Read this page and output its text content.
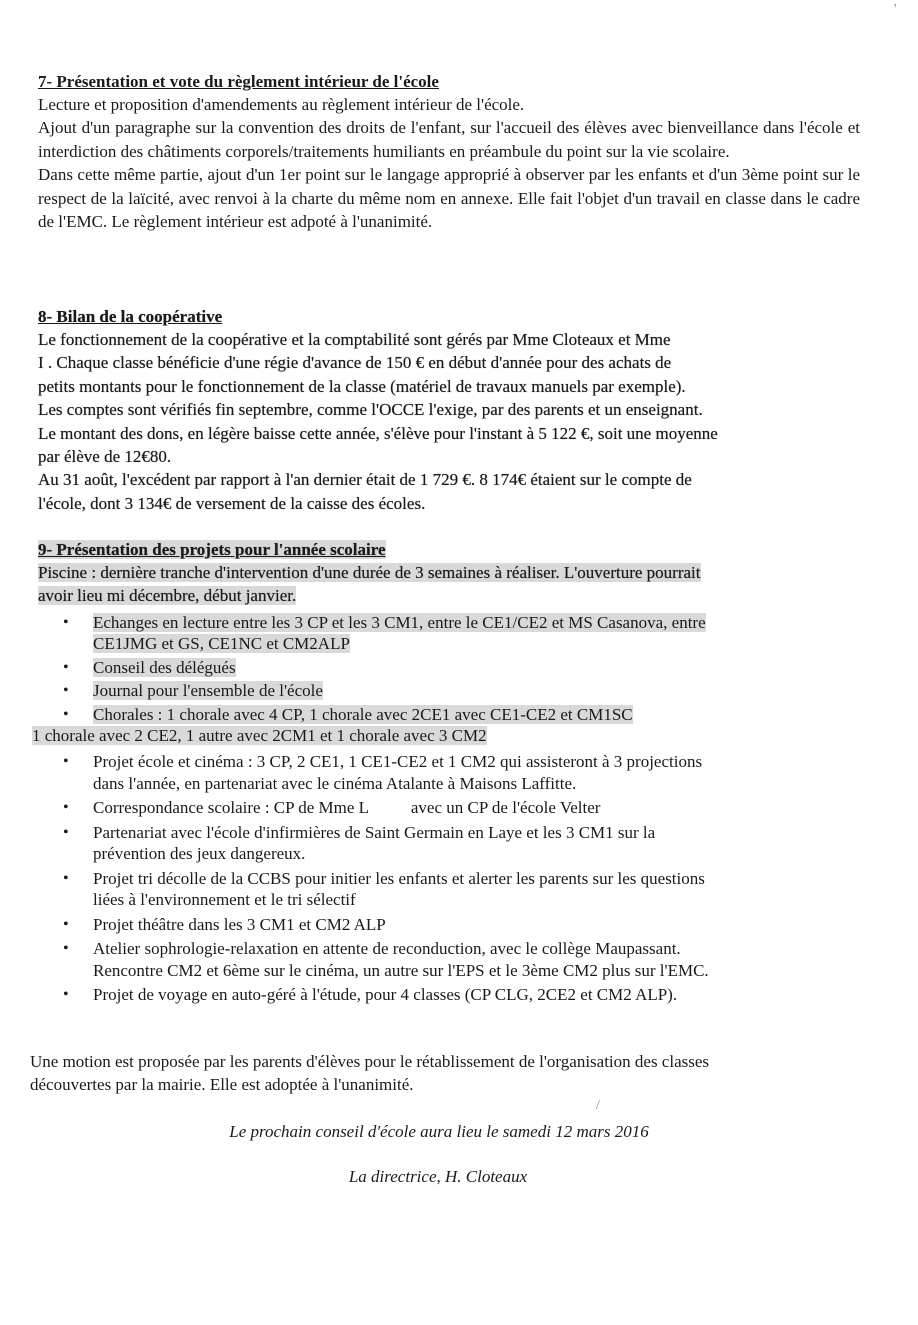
7- Présentation et vote du règlement intérieur de l'école

Lecture et proposition d'amendements au règlement intérieur de l'école.

Ajout d'un paragraphe sur la convention des droits de l'enfant, sur l'accueil des élèves avec bienveillance dans l'école et interdiction des châtiments corporels/traitements humiliants en préambule du point sur la vie scolaire.

Dans cette même partie, ajout d'un 1er point sur le langage approprié à observer par les enfants et d'un 3ème point sur le respect de la laïcité, avec renvoi à la charte du même nom en annexe. Elle fait l'objet d'un travail en classe dans le cadre de l'EMC. Le règlement intérieur est adpoté à l'unanimité.

8- Bilan de la coopérative

Le fonctionnement de la coopérative et la comptabilité sont gérés par Mme Cloteaux et Mme
I . Chaque classe bénéficie d'une régie d'avance de 150 € en début d'année pour des achats de
petits montants pour le fonctionnement de la classe (matériel de travaux manuels par exemple).
Les comptes sont vérifiés fin septembre, comme l'OCCE l'exige, par des parents et un enseignant.
Le montant des dons, en légère baisse cette année, s'élève pour l'instant à 5 122 €, soit une moyenne
par élève de 12€80.
Au 31 août, l'excédent par rapport à l'an dernier était de 1 729 €. 8 174€ étaient sur le compte de
l'école, dont 3 134€ de versement de la caisse des écoles.

9- Présentation des projets pour l'année scolaire

Piscine : dernière tranche d'intervention d'une durée de 3 semaines à réaliser. L'ouverture pourrait
avoir lieu mi décembre, début janvier.
• Echanges en lecture entre les 3 CP et les 3 CM1, entre le CE1/CE2 et MS Casanova, entre
CE1JMG et GS, CE1NC et CM2ALP
• Conseil des délégués
• Journal pour l'ensemble de l'école
• Chorales : 1 chorale avec 4 CP, 1 chorale avec 2CE1 avec CE1-CE2 et CM1SC
1 chorale avec 2 CE2, 1 autre avec 2CM1 et 1 chorale avec 3 CM2
• Projet école et cinéma : 3 CP, 2 CE1, 1 CE1-CE2 et 1 CM2 qui assisteront à 3 projections
dans l'année, en partenariat avec le cinéma Atalante à Maisons Laffitte.
• Correspondance scolaire : CP de Mme L          avec un CP de l'école Velter
• Partenariat avec l'école d'infirmières de Saint Germain en Laye et les 3 CM1 sur la
prévention des jeux dangereux.
• Projet tri décolle de la CCBS pour initier les enfants et alerter les parents sur les questions
liées à l'environnement et le tri sélectif
• Projet théâtre dans les 3 CM1 et CM2 ALP
• Atelier sophrologie-relaxation en attente de reconduction, avec le collège Maupassant.
Rencontre CM2 et 6ème sur le cinéma, un autre sur l'EPS et le 3ème CM2 plus sur l'EMC.
• Projet de voyage en auto-géré à l'étude, pour 4 classes (CP CLG, 2CE2 et CM2 ALP).
Une motion est proposée par les parents d'élèves pour le rétablissement de l'organisation des classes
découvertes par la mairie. Elle est adoptée à l'unanimité.
Le prochain conseil d'école aura lieu le samedi 12 mars 2016
La directrice, H. Cloteaux
'
/
